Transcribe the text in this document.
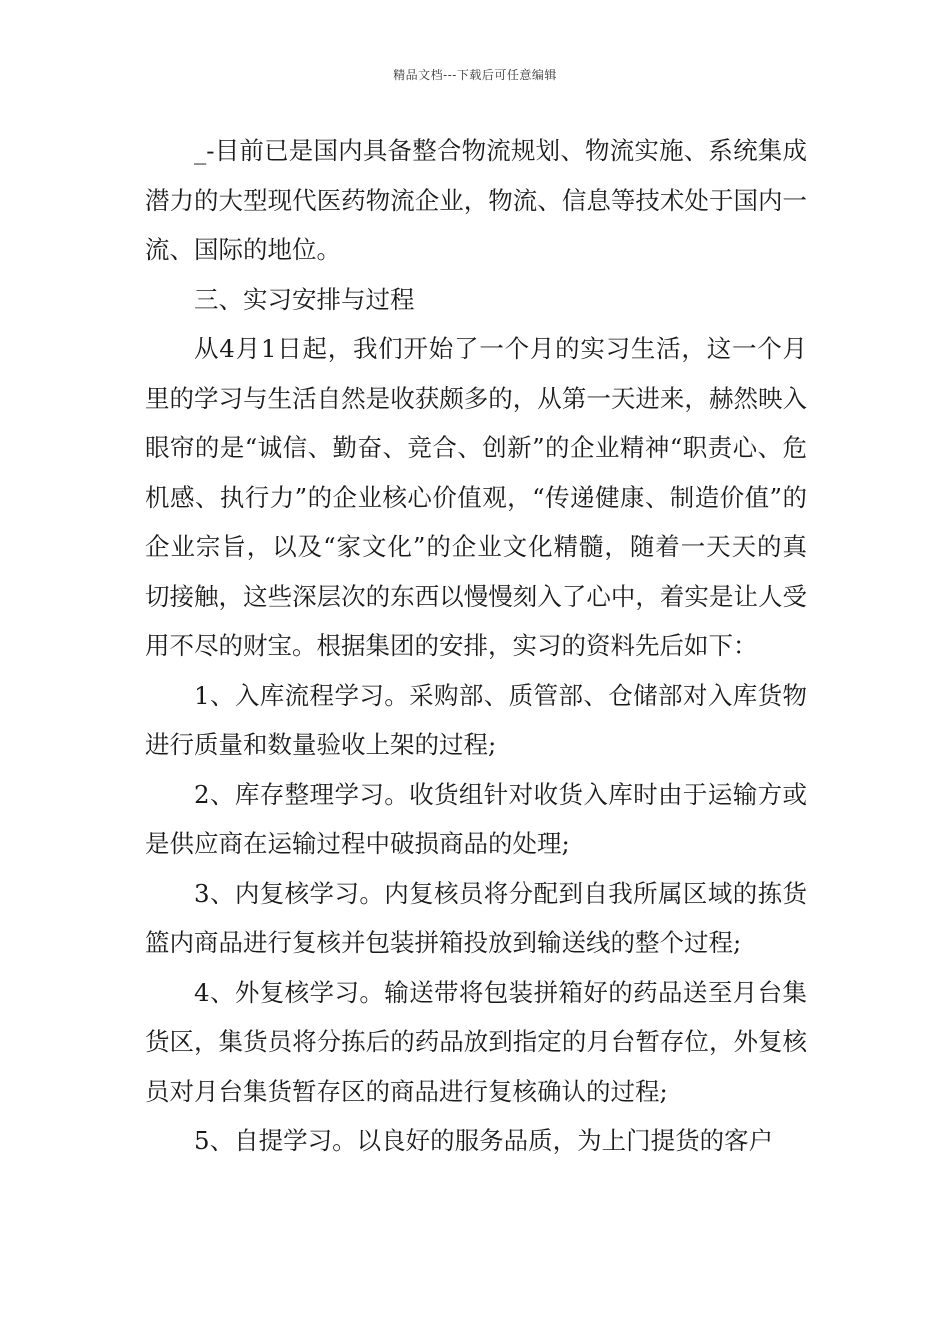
精品文档---下载后可任意编辑

_-目前已是国内具备整合物流规划、物流实施、系统集成潜力的大型现代医药物流企业，物流、信息等技术处于国内一流、国际的地位。

三、实习安排与过程

从4月1日起，我们开始了一个月的实习生活，这一个月里的学习与生活自然是收获颇多的，从第一天进来，赫然映入眼帘的是“诚信、勤奋、竞合、创新”的企业精神“职责心、危机感、执行力”的企业核心价值观，“传递健康、制造价值”的企业宗旨，以及“家文化”的企业文化精髓，随着一天天的真切接触，这些深层次的东西以慢慢刻入了心中，着实是让人受用不尽的财宝。根据集团的安排，实习的资料先后如下：

1、入库流程学习。采购部、质管部、仓储部对入库货物进行质量和数量验收上架的过程;

2、库存整理学习。收货组针对收货入库时由于运输方或是供应商在运输过程中破损商品的处理;

3、内复核学习。内复核员将分配到自我所属区域的拣货篮内商品进行复核并包装拼箱投放到输送线的整个过程;

4、外复核学习。输送带将包装拼箱好的药品送至月台集货区，集货员将分拣后的药品放到指定的月台暂存位，外复核员对月台集货暂存区的商品进行复核确认的过程;

5、自提学习。以良好的服务品质，为上门提货的客户
